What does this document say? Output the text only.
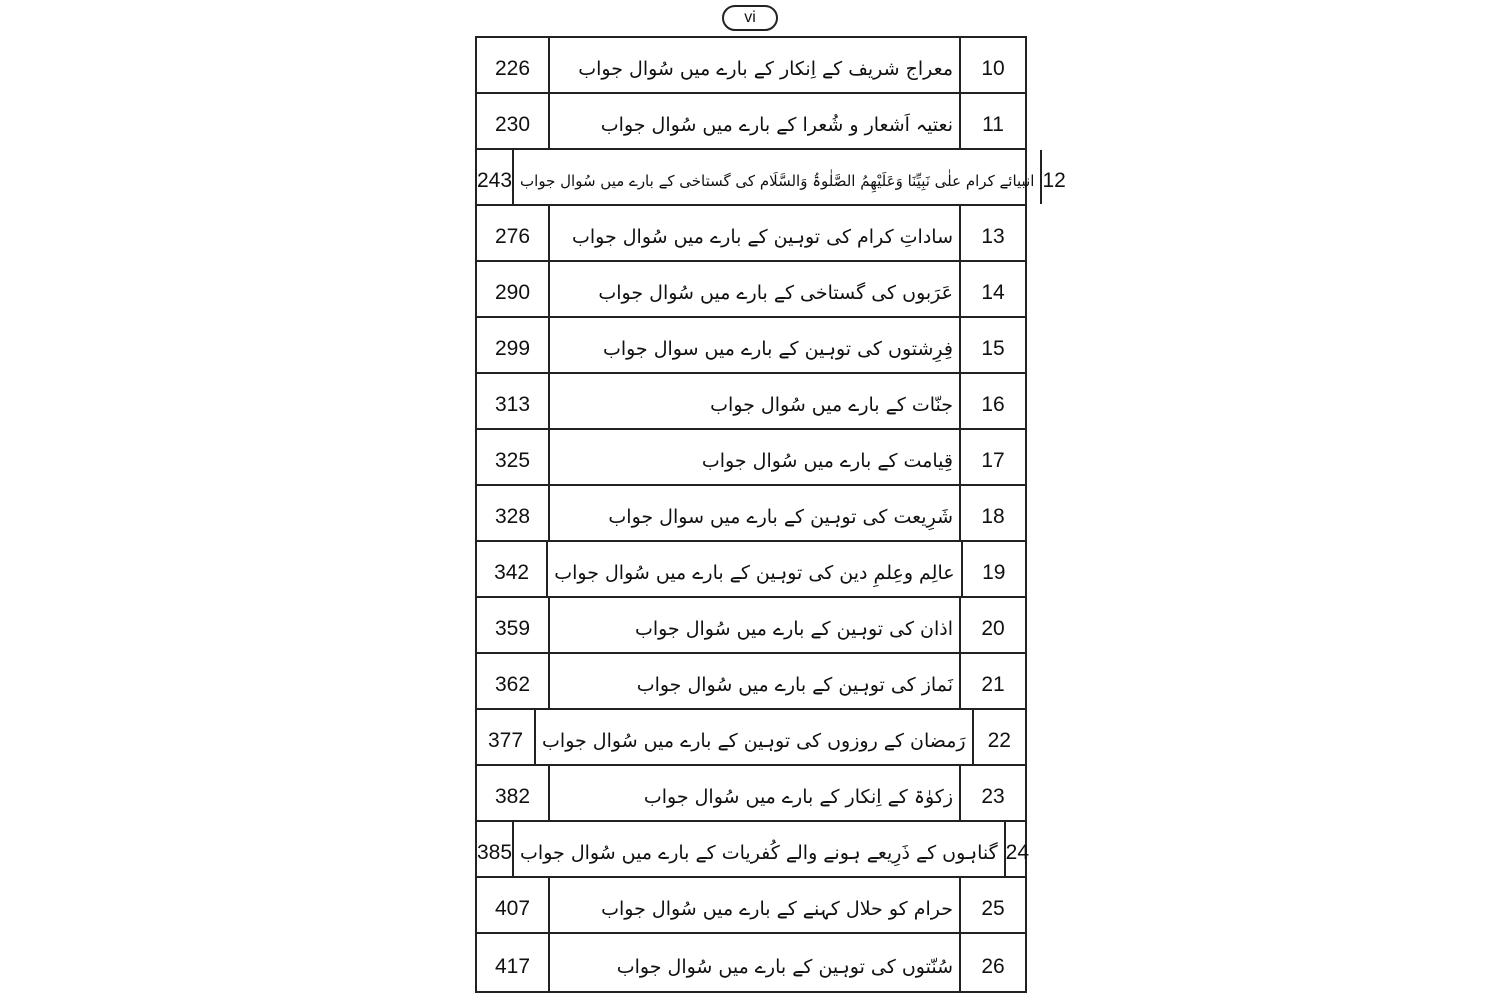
vi
226	معراج شریف کے اِنکار کے بارے میں سُوال جواب	10
230	نعتیہ اَشعار و شُعرا کے بارے میں سُوال جواب	11
243 انبیائے کرام علٰی نَبِیِّنَا وَعَلَیْھِمُ الصَّلٰوۃُ وَالسَّلَام کی گستاخی کے بارے میں سُوال جواب 12
276	ساداتِ کرام کی توہین کے بارے میں سُوال جواب	13
290	عَرَبوں کی گستاخی کے بارے میں سُوال جواب	14
299	فِرِشتوں کی توہین کے بارے میں سوال جواب	15
313	جنّات کے بارے میں سُوال جواب	16
325	قِیامت کے بارے میں سُوال جواب	17
328	شَرِیعت کی توہین کے بارے میں سوال جواب	18
342	عالِم وعِلمِ دین کی توہین کے بارے میں سُوال جواب	19
359	اذان کی توہین کے بارے میں سُوال جواب	20
362	نَماز کی توہین کے بارے میں سُوال جواب	21
377	رَمضان کے روزوں کی توہین کے بارے میں سُوال جواب	22
382	زکوٰۃ کے اِنکار کے بارے میں سُوال جواب	23
385 گناہوں کے ذَرِیعے ہونے والے کُفریات کے بارے میں سُوال جواب 24
407	حرام کو حلال کہنے کے بارے میں سُوال جواب	25
417	سُنّتوں کی توہین کے بارے میں سُوال جواب	26
